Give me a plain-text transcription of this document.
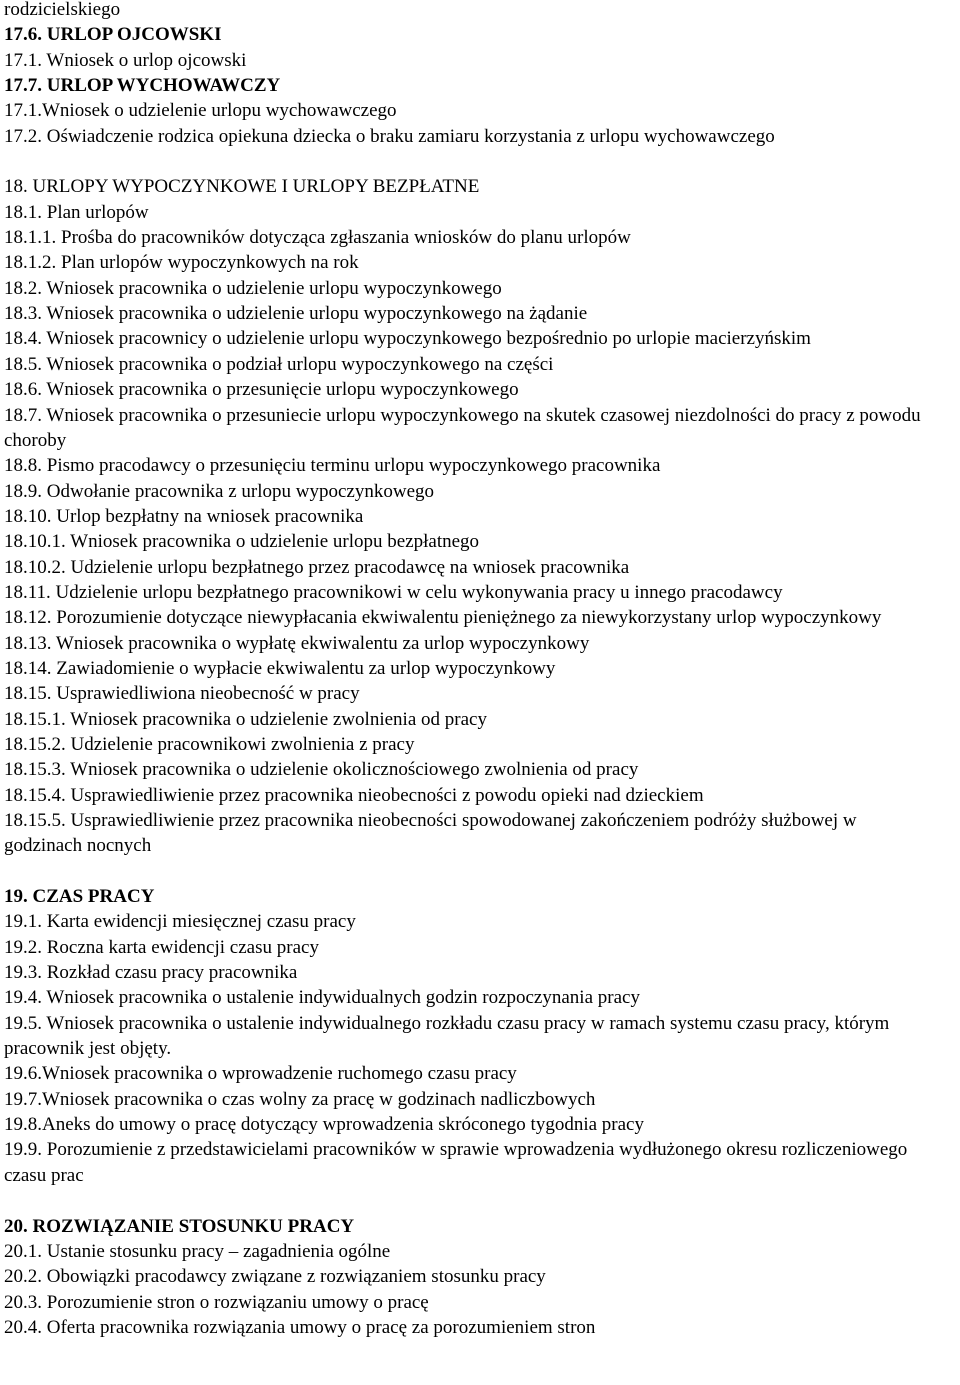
rodzicielskiego
17.6. URLOP OJCOWSKI
17.1. Wniosek o urlop ojcowski
17.7. URLOP WYCHOWAWCZY
17.1.Wniosek o udzielenie urlopu wychowawczego
17.2. Oświadczenie rodzica opiekuna dziecka o braku zamiaru korzystania z urlopu wychowawczego
18. URLOPY WYPOCZYNKOWE I URLOPY BEZPŁATNE
18.1. Plan urlopów
18.1.1. Prośba do pracowników dotycząca zgłaszania wniosków do planu urlopów
18.1.2. Plan urlopów wypoczynkowych na rok
18.2. Wniosek pracownika o udzielenie urlopu wypoczynkowego
18.3. Wniosek pracownika o udzielenie urlopu wypoczynkowego na żądanie
18.4. Wniosek pracownicy o udzielenie urlopu wypoczynkowego bezpośrednio po urlopie macierzyńskim
18.5. Wniosek pracownika o podział urlopu wypoczynkowego na części
18.6. Wniosek pracownika o przesunięcie urlopu wypoczynkowego
18.7. Wniosek pracownika o przesuniecie urlopu wypoczynkowego na skutek czasowej niezdolności do pracy z powodu choroby
18.8. Pismo pracodawcy o przesunięciu terminu urlopu wypoczynkowego pracownika
18.9. Odwołanie pracownika z urlopu wypoczynkowego
18.10. Urlop bezpłatny na wniosek pracownika
18.10.1. Wniosek pracownika o udzielenie urlopu bezpłatnego
18.10.2. Udzielenie urlopu bezpłatnego przez pracodawcę na wniosek pracownika
18.11. Udzielenie urlopu bezpłatnego pracownikowi w celu wykonywania pracy u innego pracodawcy
18.12. Porozumienie dotyczące niewypłacania ekwiwalentu pieniężnego za niewykorzystany urlop wypoczynkowy
18.13. Wniosek pracownika o wypłatę ekwiwalentu za urlop wypoczynkowy
18.14. Zawiadomienie o wypłacie ekwiwalentu za urlop wypoczynkowy
18.15. Usprawiedliwiona nieobecność w pracy
18.15.1. Wniosek pracownika o udzielenie zwolnienia od pracy
18.15.2. Udzielenie pracownikowi zwolnienia z pracy
18.15.3. Wniosek pracownika o udzielenie okolicznościowego zwolnienia od pracy
18.15.4. Usprawiedliwienie przez pracownika nieobecności z powodu opieki nad dzieckiem
18.15.5. Usprawiedliwienie przez pracownika nieobecności spowodowanej zakończeniem podróży służbowej w godzinach nocnych
19. CZAS PRACY
19.1. Karta ewidencji miesięcznej czasu pracy
19.2. Roczna karta ewidencji czasu pracy
19.3. Rozkład czasu pracy pracownika
19.4. Wniosek pracownika o ustalenie indywidualnych godzin rozpoczynania pracy
19.5. Wniosek pracownika o ustalenie indywidualnego rozkładu czasu pracy w ramach systemu czasu pracy, którym pracownik jest objęty.
19.6.Wniosek pracownika o wprowadzenie ruchomego czasu pracy
19.7.Wniosek pracownika o czas wolny za pracę w godzinach nadliczbowych
19.8.Aneks do umowy o pracę dotyczący wprowadzenia skróconego tygodnia pracy
19.9. Porozumienie z przedstawicielami pracowników w sprawie wprowadzenia wydłużonego okresu rozliczeniowego czasu prac
20. ROZWIĄZANIE STOSUNKU PRACY
20.1. Ustanie stosunku pracy – zagadnienia ogólne
20.2. Obowiązki pracodawcy związane z rozwiązaniem stosunku pracy
20.3. Porozumienie stron o rozwiązaniu umowy o pracę
20.4. Oferta pracownika rozwiązania umowy o pracę za porozumieniem stron
